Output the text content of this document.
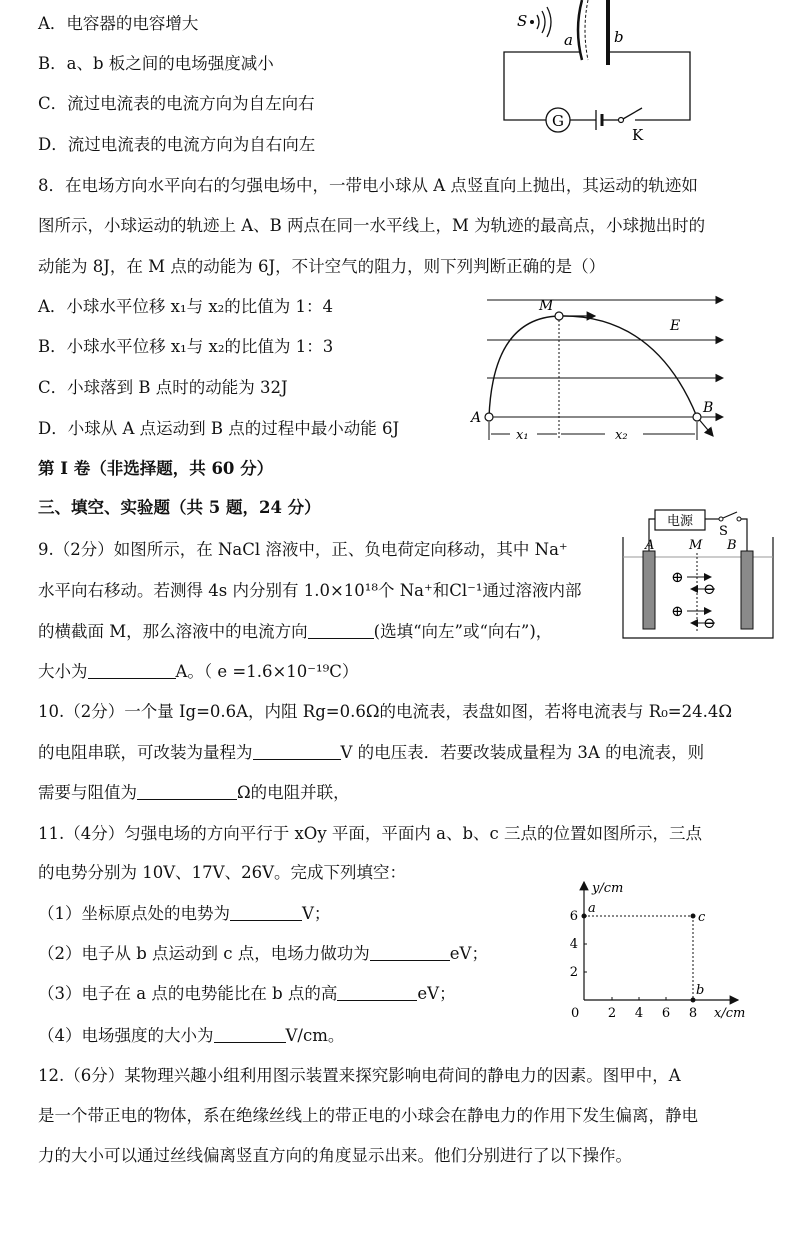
A．电容器的电容增大
B．a、b 板之间的电场强度减小
C．流过电流表的电流方向为自左向右
D．流过电流表的电流方向为自右向左
S
a	b
G
K
8．在电场方向水平向右的匀强电场中，一带电小球从 A 点竖直向上抛出，其运动的轨迹如
图所示，小球运动的轨迹上 A、B 两点在同一水平线上，M 为轨迹的最高点，小球抛出时的
动能为 8J，在 M 点的动能为 6J，不计空气的阻力，则下列判断正确的是（）
A．小球水平位移 x₁与 x₂的比值为 1：4
B．小球水平位移 x₁与 x₂的比值为 1：3
C．小球落到 B 点时的动能为 32J
D．小球从 A 点运动到 B 点的过程中最小动能 6J
M
E
A
B
x₁	x₂
第 I 卷（非选择题，共 60 分）
三、填空、实验题（共 5 题，24 分）
9.（2分）如图所示，在 NaCl 溶液中，正、负电荷定向移动，其中 Na⁺
水平向右移动。若测得 4s 内分别有 1.0×10¹⁸个 Na⁺和Cl⁻¹通过溶液内部
的横截面 M，那么溶液中的电流方向	(选填“向左”或“向右”)，
大小为	A。（ e =1.6×10⁻¹⁹C）
电源
S
A	M B
⊕
⊖
⊕
⊖
10.（2分）一个量 Ig=0.6A，内阻 Rg=0.6Ω的电流表，表盘如图，若将电流表与 R₀=24.4Ω
的电阻串联，可改装为量程为	V 的电压表．若要改装成量程为 3A 的电流表，则
需要与阻值为	Ω的电阻并联，
11.（4分）匀强电场的方向平行于 xOy 平面，平面内 a、b、c 三点的位置如图所示，三点
的电势分别为 10V、17V、26V。完成下列填空：
（1）坐标原点处的电势为	V；
（2）电子从 b 点运动到 c 点，电场力做功为	eV；
（3）电子在 a 点的电势能比在 b 点的高	eV；
（4）电场强度的大小为	V/cm。
y/cm
x/cm
0 2 4 6 8
2
4
6
a
c
b
12.（6分）某物理兴趣小组利用图示装置来探究影响电荷间的静电力的因素。图甲中，A
是一个带正电的物体，系在绝缘丝线上的带正电的小球会在静电力的作用下发生偏离，静电
力的大小可以通过丝线偏离竖直方向的角度显示出来。他们分别进行了以下操作。
